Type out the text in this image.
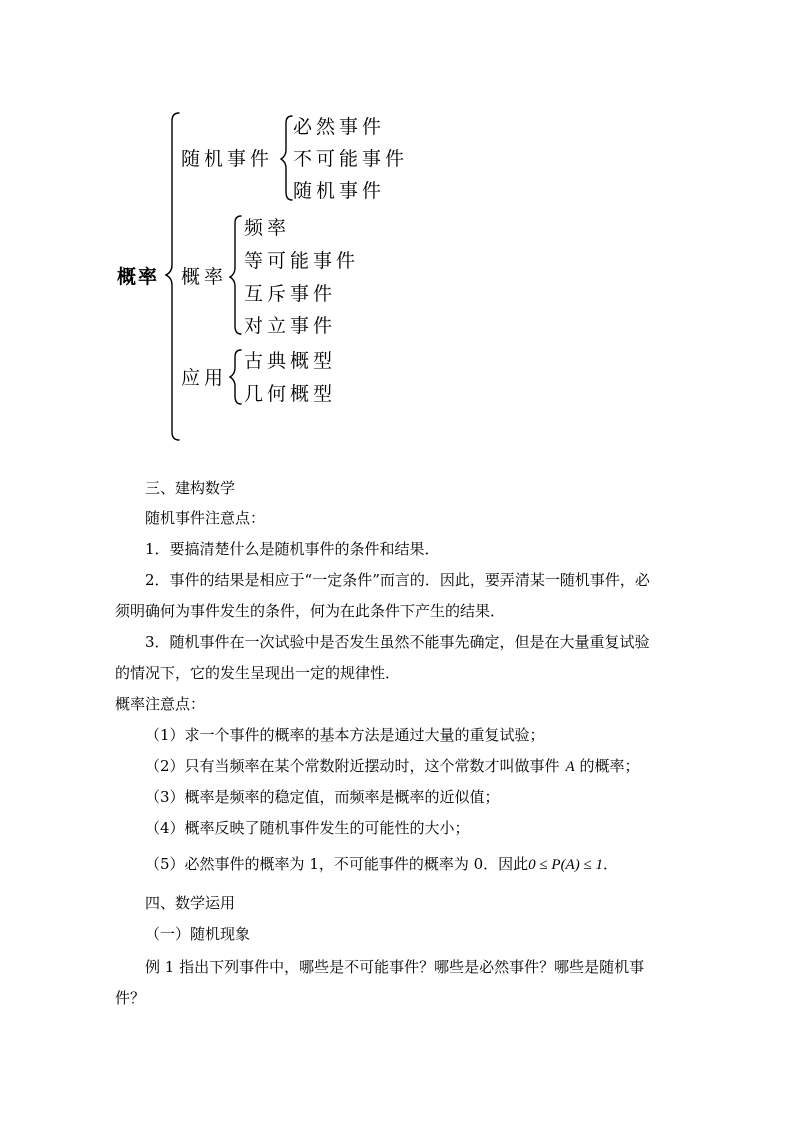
概率
随机事件
必然事件
不可能事件
随机事件
概率
频率
等可能事件
互斥事件
对立事件
应用
古典概型
几何概型
三、建构数学
随机事件注意点：
1．要搞清楚什么是随机事件的条件和结果．
2．事件的结果是相应于“一定条件”而言的．因此，要弄清某一随机事件，必
须明确何为事件发生的条件，何为在此条件下产生的结果．
3．随机事件在一次试验中是否发生虽然不能事先确定，但是在大量重复试验
的情况下，它的发生呈现出一定的规律性．
概率注意点：
（1）求一个事件的概率的基本方法是通过大量的重复试验；
（2）只有当频率在某个常数附近摆动时，这个常数才叫做事件 A 的概率；
（3）概率是频率的稳定值，而频率是概率的近似值；
（4）概率反映了随机事件发生的可能性的大小；
（5）必然事件的概率为 1，不可能事件的概率为 0．因此0 ≤ P(A) ≤ 1．
四、数学运用
（一）随机现象
例 1 指出下列事件中，哪些是不可能事件？哪些是必然事件？哪些是随机事
件？
